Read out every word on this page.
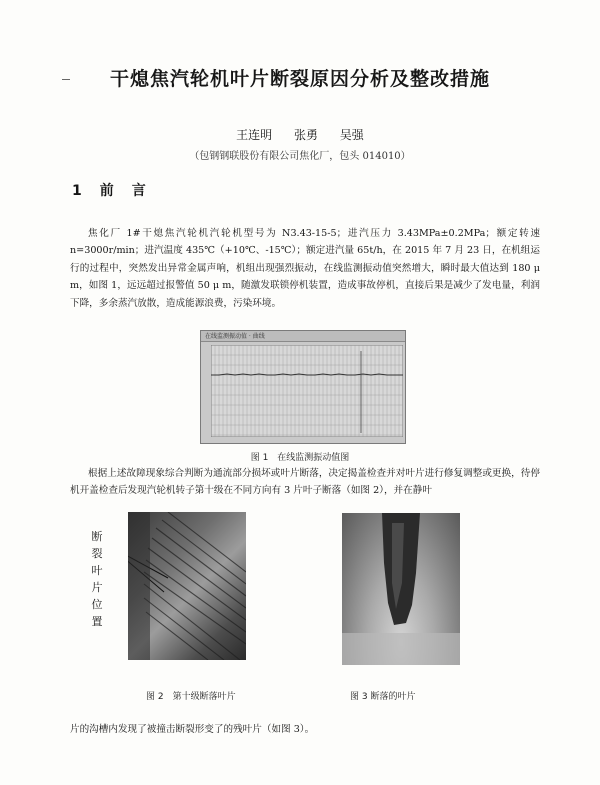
干熄焦汽轮机叶片断裂原因分析及整改措施
王连明 张勇 吴强
（包钢钢联股份有限公司焦化厂，包头 014010）
1　前　言

焦化厂 1#干熄焦汽轮机汽轮机型号为 N3.43-15-5；进汽压力 3.43MPa±0.2MPa；额定转速 n=3000r/min；进汽温度 435℃（+10℃、-15℃）；额定进汽量 65t/h，在 2015 年 7 月 23 日，在机组运行的过程中，突然发出异常金属声响，机组出现强烈振动，在线监测振动值突然增大，瞬时最大值达到 180 μ m，如图 1，远远超过报警值 50 μ m，随激发联锁停机装置，造成事故停机，直接后果是减少了发电量，利润下降，多余蒸汽放散，造成能源浪费，污染环境。

在线监测振动值 · 曲线
图 1　在线监测振动值图

根据上述故障现象综合判断为通流部分损坏或叶片断落，决定揭盖检查并对叶片进行修复调整或更换，待停机开盖检查后发现汽轮机转子第十级在不同方向有 3 片叶子断落（如图 2），并在静叶

断裂叶片位置
图 2　第十级断落叶片	图 3 断落的叶片

片的沟槽内发现了被撞击断裂形变了的残叶片（如图 3）。
